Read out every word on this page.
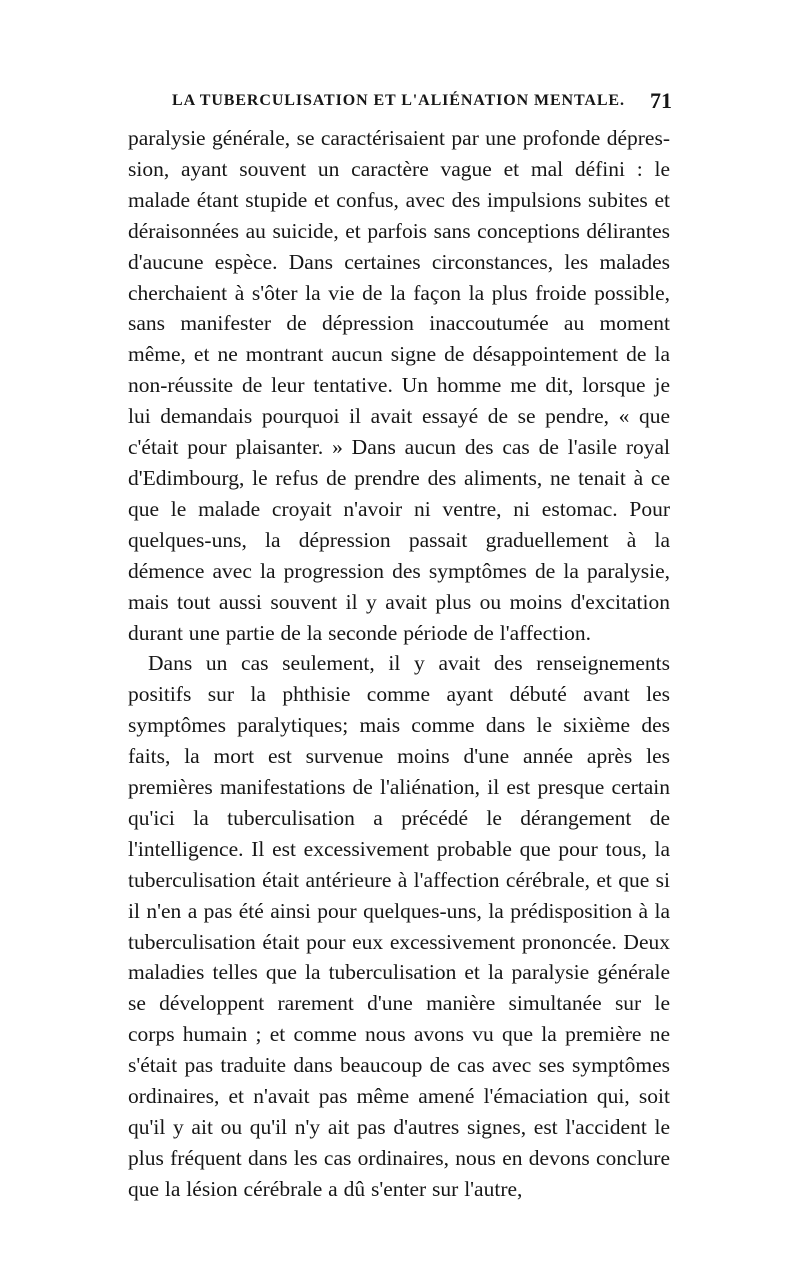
LA TUBERCULISATION ET L'ALIÉNATION MENTALE. 71

paralysie générale, se caractérisaient par une profonde dépression, ayant souvent un caractère vague et mal défini : le malade étant stupide et confus, avec des impulsions subites et déraisonnées au suicide, et parfois sans conceptions délirantes d'aucune espèce. Dans certaines circonstances, les malades cherchaient à s'ôter la vie de la façon la plus froide possible, sans manifester de dépression inaccoutumée au moment même, et ne montrant aucun signe de désappointement de la non-réussite de leur tentative. Un homme me dit, lorsque je lui demandais pourquoi il avait essayé de se pendre, « que c'était pour plaisanter. » Dans aucun des cas de l'asile royal d'Edimbourg, le refus de prendre des aliments, ne tenait à ce que le malade croyait n'avoir ni ventre, ni estomac. Pour quelques-uns, la dépression passait graduellement à la démence avec la progression des symptômes de la paralysie, mais tout aussi souvent il y avait plus ou moins d'excitation durant une partie de la seconde période de l'affection.

Dans un cas seulement, il y avait des renseignements positifs sur la phthisie comme ayant débuté avant les symptômes paralytiques; mais comme dans le sixième des faits, la mort est survenue moins d'une année après les premières manifestations de l'aliénation, il est presque certain qu'ici la tuberculisation a précédé le dérangement de l'intelligence. Il est excessivement probable que pour tous, la tuberculisation était antérieure à l'affection cérébrale, et que si il n'en a pas été ainsi pour quelques-uns, la prédisposition à la tuberculisation était pour eux excessivement prononcée. Deux maladies telles que la tuberculisation et la paralysie générale se développent rarement d'une manière simultanée sur le corps humain ; et comme nous avons vu que la première ne s'était pas traduite dans beaucoup de cas avec ses symptômes ordinaires, et n'avait pas même amené l'émaciation qui, soit qu'il y ait ou qu'il n'y ait pas d'autres signes, est l'accident le plus fréquent dans les cas ordinaires, nous en devons conclure que la lésion cérébrale a dû s'enter sur l'autre,
